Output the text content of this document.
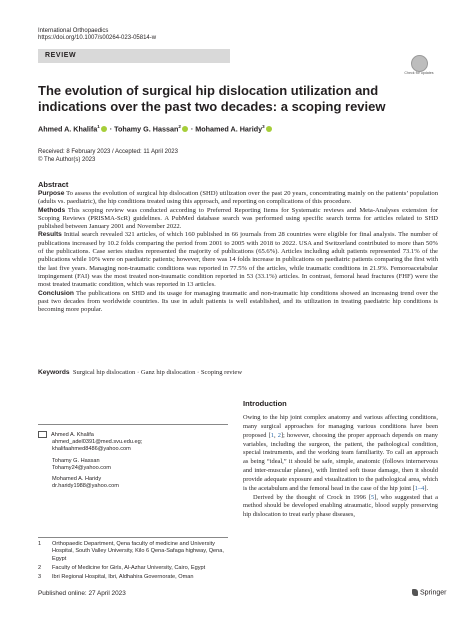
International Orthopaedics
https://doi.org/10.1007/s00264-023-05814-w
REVIEW
Check for updates
The evolution of surgical hip dislocation utilization and indications over the past two decades: a scoping review
Ahmed A. Khalifa$^1$ · Tohamy G. Hassan$^2$ · Mohamed A. Haridy$^3$
Received: 8 February 2023 / Accepted: 11 April 2023
© The Author(s) 2023
Abstract
Purpose To assess the evolution of surgical hip dislocation (SHD) utilization over the past 20 years, concentrating mainly on the patients’ population (adults vs. paediatric), the hip conditions treated using this approach, and reporting on complications of this procedure.
Methods This scoping review was conducted according to Preferred Reporting Items for Systematic reviews and Meta-Analyses extension for Scoping Reviews (PRISMA-ScR) guidelines. A PubMed database search was performed using specific search terms for articles related to SHD published between January 2001 and November 2022.
Results Initial search revealed 321 articles, of which 160 published in 66 journals from 28 countries were eligible for final analysis. The number of publications increased by 10.2 folds comparing the period from 2001 to 2005 with 2018 to 2022. USA and Switzerland contributed to more than 50% of the publications. Case series studies represented the majority of publications (65.6%). Articles including adult patients represented 73.1% of the publications while 10% were on paediatric patients; however, there was 14 folds increase in publications on paediatric patients comparing the first with the last five years. Managing non-traumatic conditions was reported in 77.5% of the articles, while traumatic conditions in 21.9%. Femoroacetabular impingement (FAI) was the most treated non-traumatic condition reported in 53 (33.1%) articles. In contrast, femoral head fractures (FHF) were the most treated traumatic condition, which was reported in 13 articles.
Conclusion The publications on SHD and its usage for managing traumatic and non-traumatic hip conditions showed an increasing trend over the past two decades from worldwide countries. Its use in adult patients is well established, and its utilization in treating paediatric hip conditions is becoming more popular.
Keywords Surgical hip dislocation · Ganz hip dislocation · Scoping review
Ahmed A. Khalifa
ahmed_adel0391@med.svu.edu.eg;
khalifaahmed8486@yahoo.com
Tohamy G. Hassan
Tohamy24@yahoo.com
Mohamed A. Haridy
dr.haridy1988@yahoo.com
1	Orthopaedic Department, Qena faculty of medicine and University Hospital, South Valley University, Kilo 6 Qena-Safaga highway, Qena, Egypt
2	Faculty of Medicine for Girls, Al-Azhar University, Cairo, Egypt
3	Ibri Regional Hospital, Ibri, Aldhahira Governorate, Oman
Introduction

Owing to the hip joint complex anatomy and various affecting conditions, many surgical approaches for managing various conditions have been proposed [1, 2]; however, choosing the proper approach depends on many variables, including the surgeon, the patient, the pathological condition, special instruments, and the working team familiarity. To call an approach as being “ideal,” it should be safe, simple, anatomic (follows internervous and inter-muscular planes), with limited soft tissue damage, then it should provide adequate exposure and visualization to the pathological area, which is the acetabulum and the femoral head in the case of the hip joint [1–4].

Derived by the thought of Crock in 1996 [5], who suggested that a method should be developed enabling atraumatic, blood supply preserving hip dislocation to treat early phase diseases,

Published online: 27 April 2023	Springer
